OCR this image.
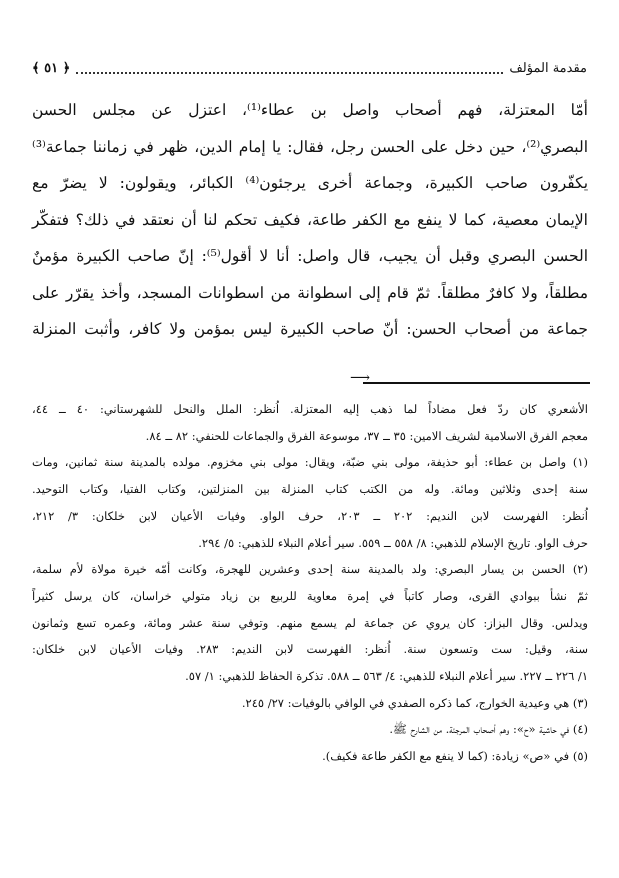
مقدمة المؤلف
﴿ ٥١ ﴾

أمّا المعتزلة، فهم أصحاب واصل بن عطاء⁽¹⁾، اعتزل عن مجلس الحسن

البصري⁽²⁾، حين دخل على الحسن رجل، فقال: يا إمام الدين، ظهر في زماننا جماعة⁽³⁾

يكفّرون صاحب الكبيرة، وجماعة أخرى يرجئون⁽⁴⁾ الكبائر، ويقولون: لا يضرّ مع

الإيمان معصية، كما لا ينفع مع الكفر طاعة، فكيف تحكم لنا أن نعتقد في ذلك؟ فتفكّر

الحسن البصري وقبل أن يجيب، قال واصل: أنا لا أقول⁽⁵⁾: إنّ صاحب الكبيرة مؤمنٌ

مطلقاً، ولا كافرٌ مطلقاً. ثمّ قام إلى اسطوانة من اسطوانات المسجد، وأخذ يقرّر على

جماعة من أصحاب الحسن: أنّ صاحب الكبيرة ليس بمؤمن ولا كافر، وأثبت المنزلة

⟶

الأشعري كان ردّ فعل مضاداً لما ذهب إليه المعتزلة. اُنظر: الملل والنحل للشهرستاني: ٤٠ ــ ٤٤،

معجم الفرق الاسلامية لشريف الامين: ٣٥ ــ ٣٧، موسوعة الفرق والجماعات للحنفي: ٨٢ ــ ٨٤.

(١) واصل بن عطاء: أبو حذيفة، مولى بني ضبّة، ويقال: مولى بني مخزوم. مولده بالمدينة سنة ثمانين، ومات

سنة إحدى وثلاثين ومائة. وله من الكتب كتاب المنزلة بين المنزلتين، وكتاب الفتيا، وكتاب التوحيد.

اُنظر: الفهرست لابن النديم: ٢٠٢ ــ ٢٠٣، حرف الواو. وفيات الأعيان لابن خلكان: ٣/ ٢١٢،

حرف الواو. تاريخ الإسلام للذهبي: ٨/ ٥٥٨ ــ ٥٥٩. سير أعلام النبلاء للذهبي: ٥/ ٢٩٤.

(٢) الحسن بن يسار البصري: ولد بالمدينة سنة إحدى وعشرين للهجرة، وكانت أمّه خيرة مولاة لأم سلمة،

ثمّ نشأ ببوادي القرى، وصار كاتباً في إمرة معاوية للربيع بن زياد متولي خراسان، كان يرسل كثيراً

ويدلس. وقال البزاز: كان يروي عن جماعة لم يسمع منهم. وتوفي سنة عشر ومائة، وعمره تسع وثمانون

سنة، وقيل: ست وتسعون سنة. اُنظر: الفهرست لابن النديم: ٢٨٣. وفيات الأعيان لابن خلكان:

١/ ٢٢٦ ــ ٢٢٧. سير أعلام النبلاء للذهبي: ٤/ ٥٦٣ ــ ٥٨٨. تذكرة الحفاظ للذهبي: ١/ ٥٧.

(٣) هي وعيدية الخوارج، كما ذكره الصفدي في الوافي بالوفيات: ٢٧/ ٢٤٥.

(٤) في حاشية «ح»: وهم أصحاب المرجئة. من الشارح ﷺ.

(٥) في «ص» زيادة: (كما لا ينفع مع الكفر طاعة فكيف).
